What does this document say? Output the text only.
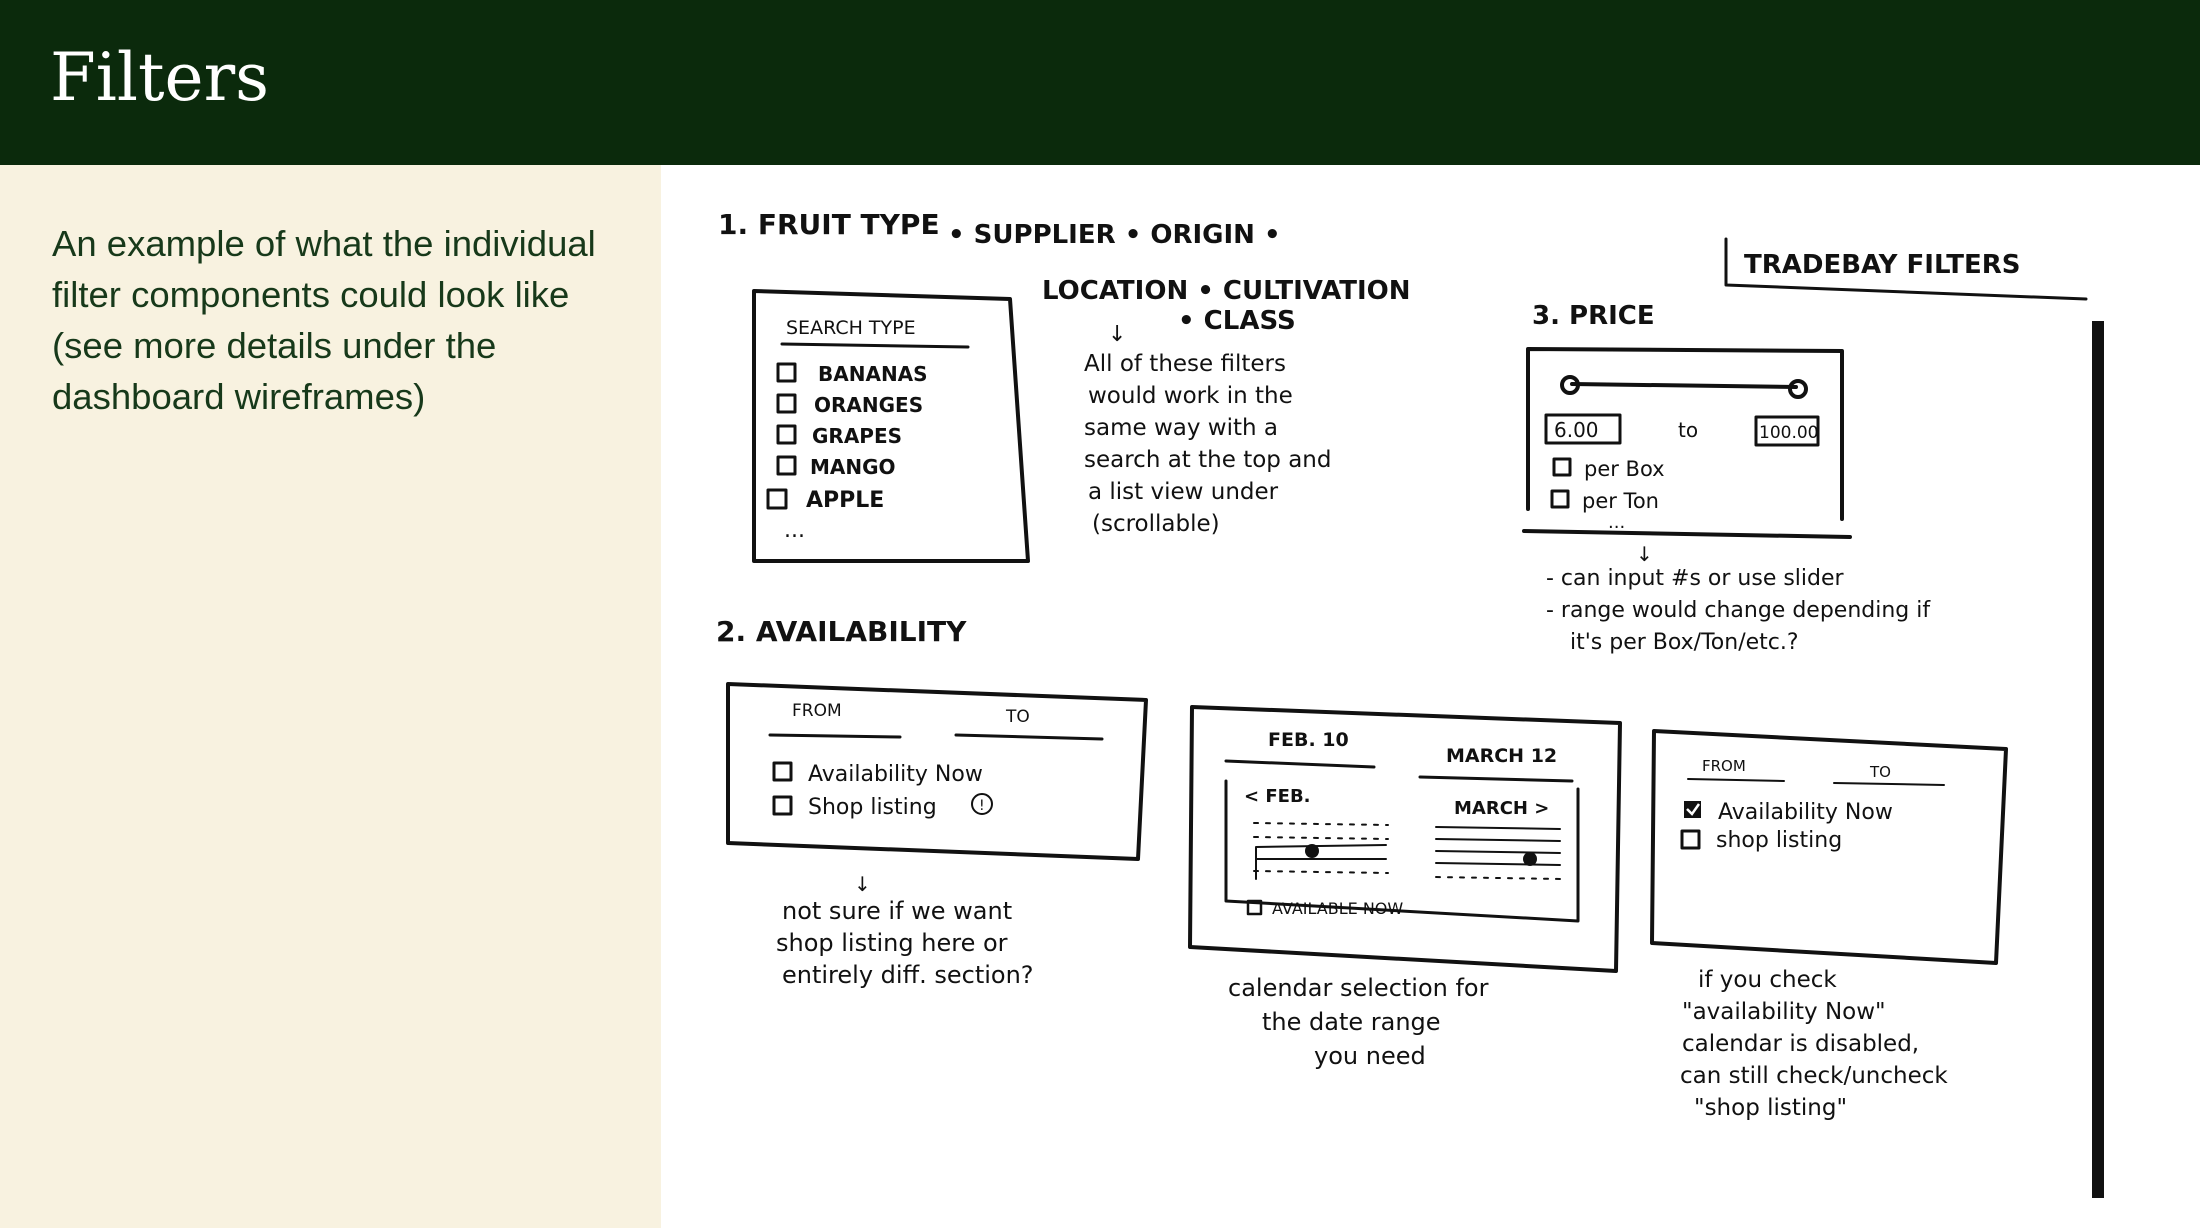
Filters

An example of what the individual filter components could look like (see more details under the dashboard wireframes)

TRADEBAY FILTERS
1. FRUIT TYPE • SUPPLIER • ORIGIN •
LOCATION • CULTIVATION
• CLASS
SEARCH TYPE
BANANAS
ORANGES
GRAPES
MANGO
APPLE
...
↓
All of these filters
would work in the
same way with a
search at the top and
a list view under
(scrollable)
3. PRICE
6.00	to	100.00
per Box
per Ton
...
↓
- can input #s or use slider
- range would change depending if
it's per Box/Ton/etc.?
2. AVAILABILITY
FROM	TO
Availability Now
Shop listing	!
↓
not sure if we want
shop listing here or
entirely diff. section?
FEB. 10
MARCH 12
< FEB.
MARCH >
AVAILABLE NOW
calendar selection for
the date range
you need
FROM	TO
Availability Now
shop listing
if you check
"availability Now"
calendar is disabled,
can still check/uncheck
"shop listing"
